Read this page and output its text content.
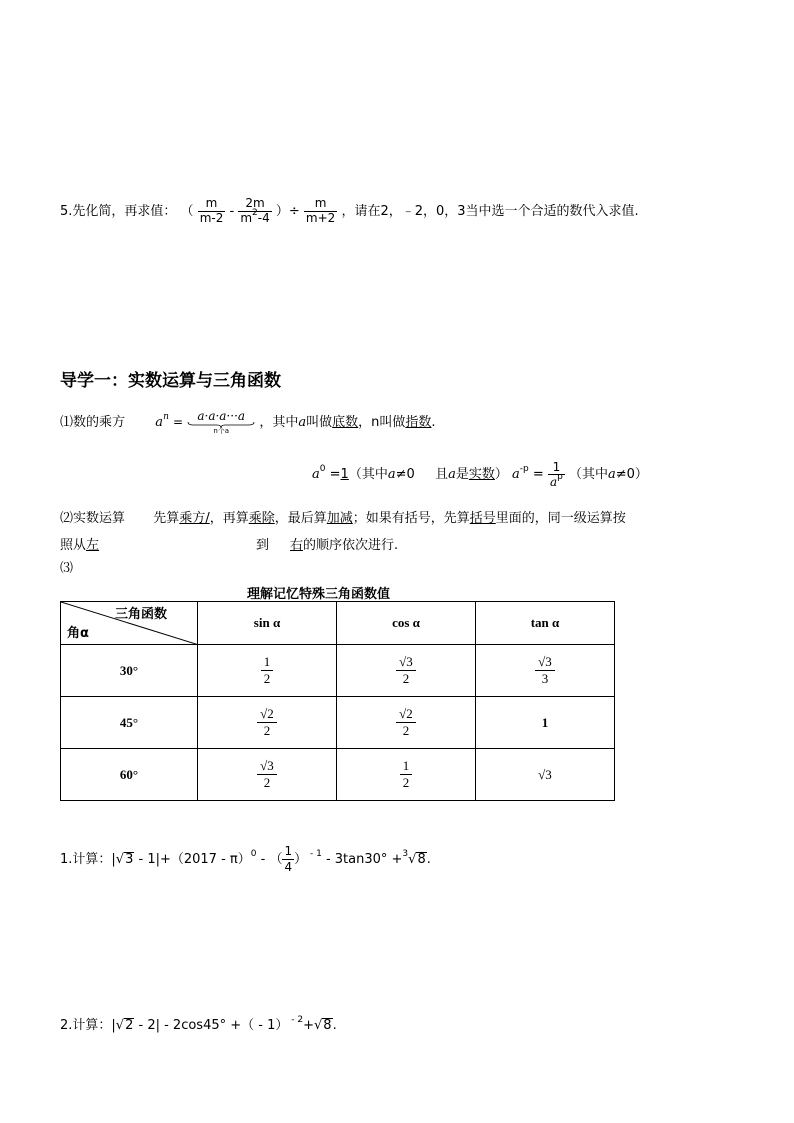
5.先化简，再求值： （ $\frac{m}{m-2} - \frac{2m}{m^2-4}$ ）÷ $\frac{m}{m+2}$ ，请在2，﹣2，0，3当中选一个合适的数代入求值.
导学一：实数运算与三角函数
⑴数的乘方 $a^n$ =	a·a·a···a
n个a
，其中a叫做底数，n叫做指数.
$a^0 =1$（其中a≠0 且a是实数） $a^{-p} = \frac{1}{a^p}$ （其中a≠0）
⑵实数运算 先算乘方/，再算乘除，最后算加减；如果有括号，先算括号里面的，同一级运算按
照从左	到 右的顺序依次进行.
⑶
理解记忆特殊三角函数值
三角函数
角α	sin α	cos α	tan α
30°	$\frac{1}{2}$	$\frac{√3}{2}$	$\frac{√3}{3}$

45°	$\frac{√2}{2}$	$\frac{√2}{2}$	1
60°	$\frac{√3}{2}$	$\frac{1}{2}$	√3
1.计算：|√3 - 1|+（2017 - π）$^0$ - （ $\frac{1}{4}$ ） $^{- 1}$ - 3tan30° +$^3$√8.
2.计算：|√2 - 2| - 2cos45° +（ - 1） $^{- 2}$+√8.
